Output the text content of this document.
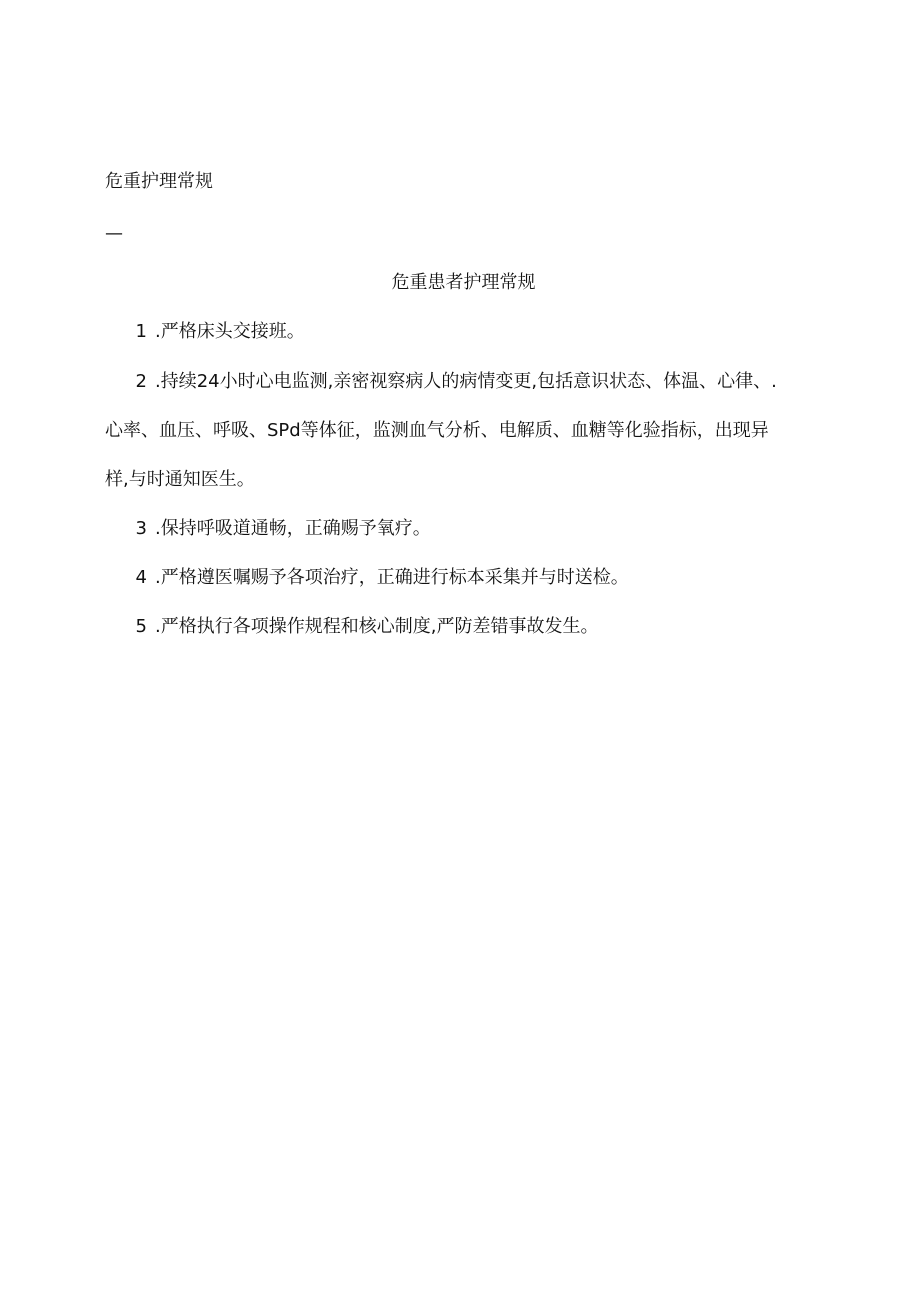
危重护理常规
—
危重患者护理常规
1 .严格床头交接班。
2 .持续24小时心电监测,亲密视察病人的病情变更,包括意识状态、体温、心律、.
心率、血压、呼吸、SPd等体征，监测血气分析、电解质、血糖等化验指标，出现异
样,与时通知医生。
3 .保持呼吸道通畅，正确赐予氧疗。
4 .严格遵医嘱赐予各项治疗，正确进行标本采集并与时送检。
5 .严格执行各项操作规程和核心制度,严防差错事故发生。
